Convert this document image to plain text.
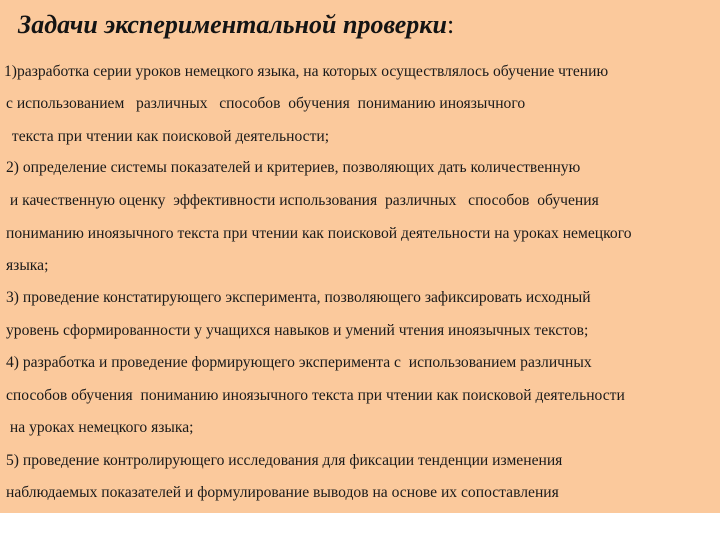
Задачи экспериментальной проверки:

1)разработка серии уроков немецкого языка, на которых осуществлялось обучение чтению

с использованием   различных   способов  обучения  пониманию иноязычного

текста при чтении как поисковой деятельности;

2) определение системы показателей и критериев, позволяющих дать количественную

и качественную оценку  эффективности использования  различных   способов  обучения

пониманию иноязычного текста при чтении как поисковой деятельности на уроках немецкого

языка;

3) проведение констатирующего эксперимента, позволяющего зафиксировать исходный

уровень сформированности у учащихся навыков и умений чтения иноязычных текстов;

4) разработка и проведение формирующего эксперимента с  использованием различных

способов обучения  пониманию иноязычного текста при чтении как поисковой деятельности

на уроках немецкого языка;

5) проведение контролирующего исследования для фиксации тенденции изменения

наблюдаемых показателей и формулирование выводов на основе их сопоставления
